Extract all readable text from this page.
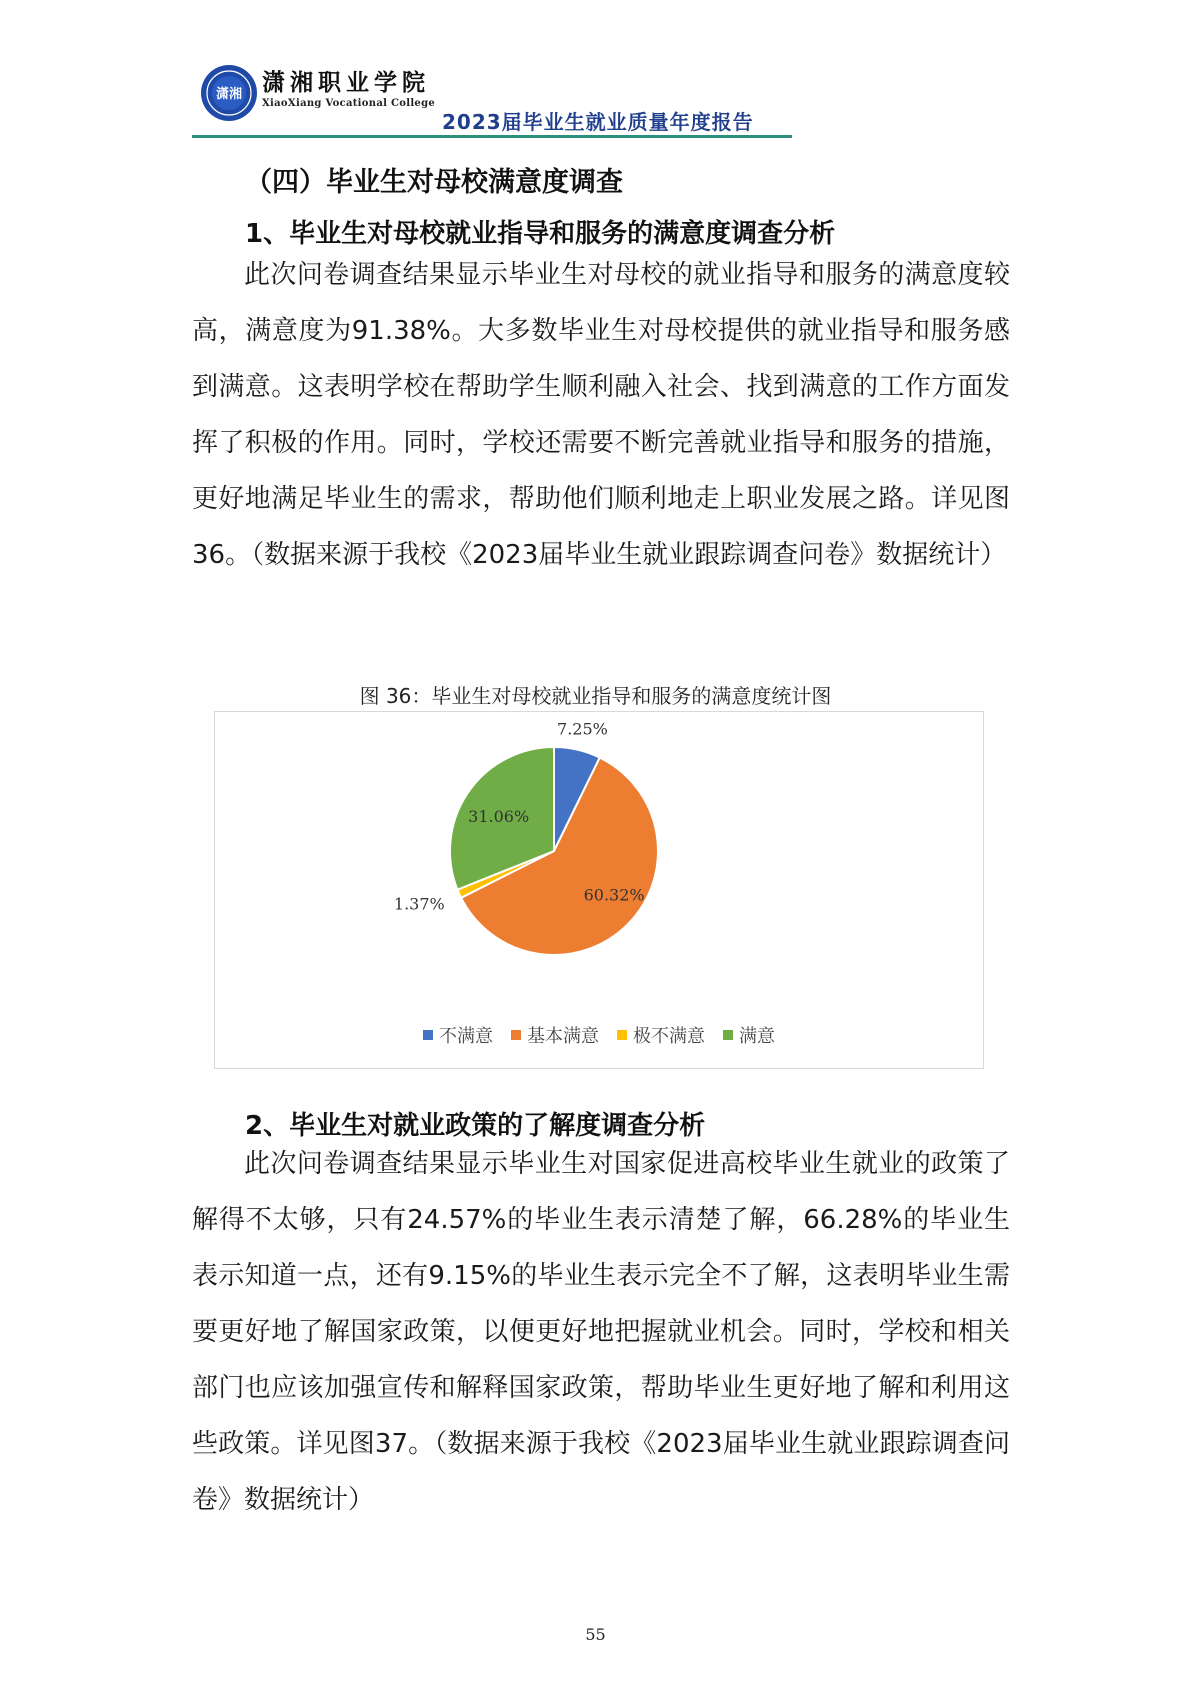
潇湘 潇湘职业学院
XiaoXiang Vocational College
2023届毕业生就业质量年度报告
（四）毕业生对母校满意度调查
1、毕业生对母校就业指导和服务的满意度调查分析
此次问卷调查结果显示毕业生对母校的就业指导和服务的满意度较高，满意度为91.38%。大多数毕业生对母校提供的就业指导和服务感到满意。这表明学校在帮助学生顺利融入社会、找到满意的工作方面发挥了积极的作用。同时，学校还需要不断完善就业指导和服务的措施，更好地满足毕业生的需求，帮助他们顺利地走上职业发展之路。详见图36。（数据来源于我校《2023届毕业生就业跟踪调查问卷》数据统计）
图 36：毕业生对母校就业指导和服务的满意度统计图
7.25%
60.32%
1.37%
31.06%
不满意 基本满意 极不满意 满意
2、毕业生对就业政策的了解度调查分析
此次问卷调查结果显示毕业生对国家促进高校毕业生就业的政策了解得不太够，只有24.57%的毕业生表示清楚了解，66.28%的毕业生表示知道一点，还有9.15%的毕业生表示完全不了解，这表明毕业生需要更好地了解国家政策，以便更好地把握就业机会。同时，学校和相关部门也应该加强宣传和解释国家政策，帮助毕业生更好地了解和利用这些政策。详见图37。（数据来源于我校《2023届毕业生就业跟踪调查问卷》数据统计）
55
